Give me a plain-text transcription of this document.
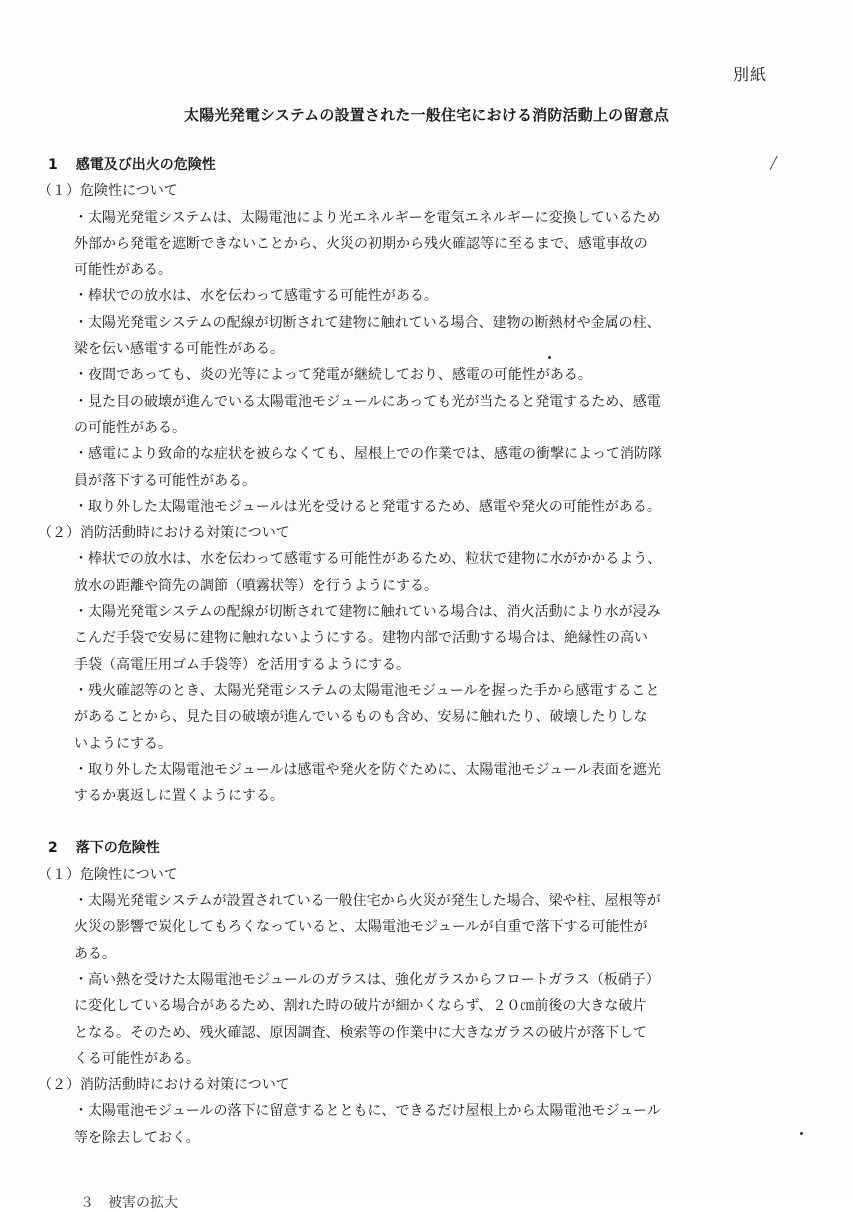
別紙
太陽光発電システムの設置された一般住宅における消防活動上の留意点
1 感電及び出火の危険性
（１）危険性について
・太陽光発電システムは、太陽電池により光エネルギーを電気エネルギーに変換しているため
外部から発電を遮断できないことから、火災の初期から残火確認等に至るまで、感電事故の
可能性がある。
・棒状での放水は、水を伝わって感電する可能性がある。
・太陽光発電システムの配線が切断されて建物に触れている場合、建物の断熱材や金属の柱、
梁を伝い感電する可能性がある。
・夜間であっても、炎の光等によって発電が継続しており、感電の可能性がある。
・見た目の破壊が進んでいる太陽電池モジュールにあっても光が当たると発電するため、感電
の可能性がある。
・感電により致命的な症状を被らなくても、屋根上での作業では、感電の衝撃によって消防隊
員が落下する可能性がある。
・取り外した太陽電池モジュールは光を受けると発電するため、感電や発火の可能性がある。
（２）消防活動時における対策について
・棒状での放水は、水を伝わって感電する可能性があるため、粒状で建物に水がかかるよう、
放水の距離や筒先の調節（噴霧状等）を行うようにする。
・太陽光発電システムの配線が切断されて建物に触れている場合は、消火活動により水が浸み
こんだ手袋で安易に建物に触れないようにする。建物内部で活動する場合は、絶縁性の高い
手袋（高電圧用ゴム手袋等）を活用するようにする。
・残火確認等のとき、太陽光発電システムの太陽電池モジュールを握った手から感電すること
があることから、見た目の破壊が進んでいるものも含め、安易に触れたり、破壊したりしな
いようにする。
・取り外した太陽電池モジュールは感電や発火を防ぐために、太陽電池モジュール表面を遮光
するか裏返しに置くようにする。
2 落下の危険性
（１）危険性について
・太陽光発電システムが設置されている一般住宅から火災が発生した場合、梁や柱、屋根等が
火災の影響で炭化してもろくなっていると、太陽電池モジュールが自重で落下する可能性が
ある。
・高い熱を受けた太陽電池モジュールのガラスは、強化ガラスからフロートガラス（板硝子）
に変化している場合があるため、割れた時の破片が細かくならず、２０㎝前後の大きな破片
となる。そのため、残火確認、原因調査、検索等の作業中に大きなガラスの破片が落下して
くる可能性がある。
（２）消防活動時における対策について
・太陽電池モジュールの落下に留意するとともに、できるだけ屋根上から太陽電池モジュール
等を除去しておく。
╱
３　被害の拡大
